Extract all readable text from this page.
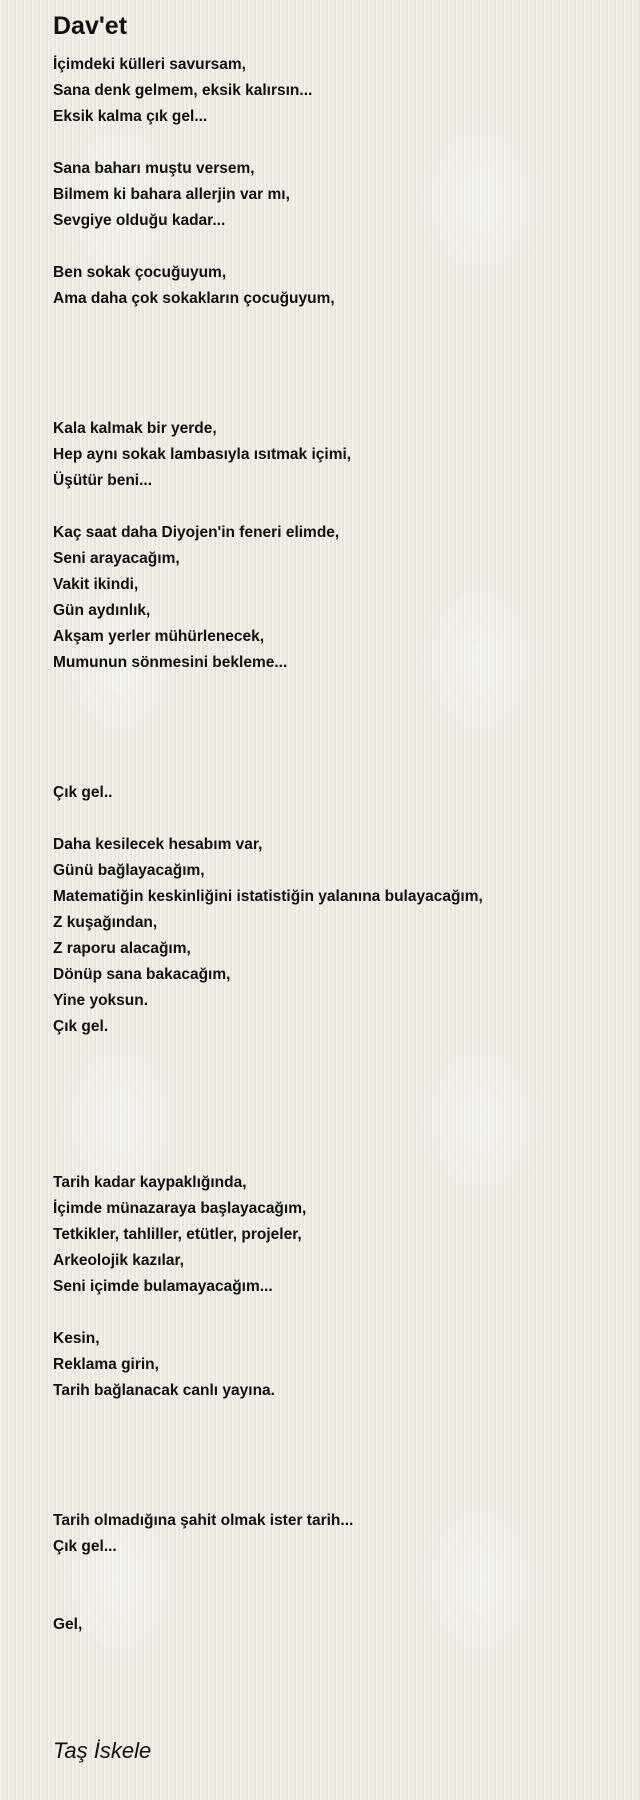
Dav'et
İçimdeki külleri savursam,
Sana denk gelmem, eksik kalırsın...
Eksik kalma çık gel...
Sana baharı muştu versem,
Bilmem ki bahara allerjin var mı,
Sevgiye olduğu kadar...
Ben sokak çocuğuyum,
Ama daha çok sokakların çocuğuyum,
Kala kalmak bir yerde,
Hep aynı sokak lambasıyla ısıtmak içimi,
Üşütür beni...
Kaç saat daha Diyojen'in feneri elimde,
Seni arayacağım,
Vakit ikindi,
Gün aydınlık,
Akşam yerler mühürlenecek,
Mumunun sönmesini bekleme...
Çık gel..
Daha kesilecek hesabım var,
Günü bağlayacağım,
Matematiğin keskinliğini istatistiğin yalanına bulayacağım,
Z kuşağından,
Z raporu alacağım,
Dönüp sana bakacağım,
Yine yoksun.
Çık gel.
Tarih kadar kaypaklığında,
İçimde münazaraya başlayacağım,
Tetkikler, tahliller, etütler, projeler,
Arkeolojik kazılar,
Seni içimde bulamayacağım...
Kesin,
Reklama girin,
Tarih bağlanacak canlı yayına.
Tarih olmadığına şahit olmak ister tarih...
Çık gel...
Gel,
Taş İskele
